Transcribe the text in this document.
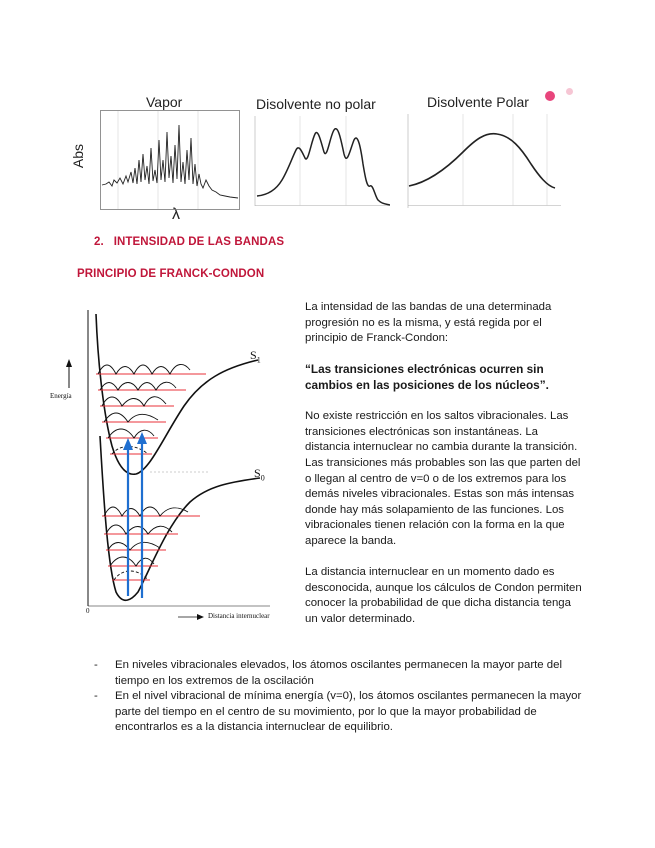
Vapor
Abs
λ
Disolvente no polar	Disolvente Polar
2. INTENSIDAD DE LAS BANDAS
PRINCIPIO DE FRANCK-CONDON
$S_1$
$S_0$
Energía
0
Distancia internuclear

La intensidad de las bandas de una determinada progresión no es la misma, y está regida por el principio de Franck-Condon:

“Las transiciones electrónicas ocurren sin cambios en las posiciones de los núcleos”.

No existe restricción en los saltos vibracionales. Las transiciones electrónicas son instantáneas. La distancia internuclear no cambia durante la transición. Las transiciones más probables son las que parten del o llegan al centro de v=0 o de los extremos para los demás niveles vibracionales. Estas son más intensas donde hay más solapamiento de las funciones. Los vibracionales tienen relación con la forma en la que aparece la banda.

La distancia internuclear en un momento dado es desconocida, aunque los cálculos de Condon permiten conocer la probabilidad de que dicha distancia tenga un valor determinado.

- En niveles vibracionales elevados, los átomos oscilantes permanecen la mayor parte del tiempo en los extremos de la oscilación
- En el nivel vibracional de mínima energía (v=0), los átomos oscilantes permanecen la mayor parte del tiempo en el centro de su movimiento, por lo que la mayor probabilidad de encontrarlos es a la distancia internuclear de equilibrio.
